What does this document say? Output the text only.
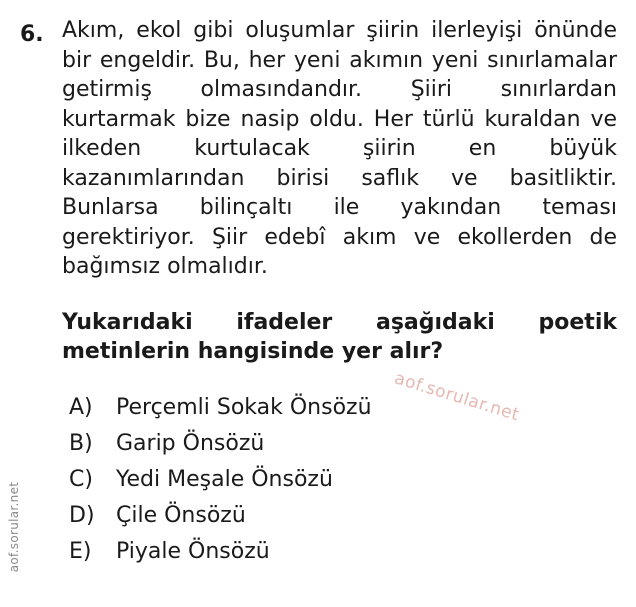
6. Akım, ekol gibi oluşumlar şiirin ilerleyişi önünde
bir engeldir. Bu, her yeni akımın yeni sınırlamalar
getirmiş olmasındandır. Şiiri sınırlardan
kurtarmak bize nasip oldu. Her türlü kuraldan ve
ilkeden kurtulacak şiirin en büyük
kazanımlarından birisi saflık ve basitliktir.
Bunlarsa bilinçaltı ile yakından teması
gerektiriyor. Şiir edebî akım ve ekollerden de
bağımsız olmalıdır.
Yukarıdaki ifadeler aşağıdaki poetik
metinlerin hangisinde yer alır?
A)	Perçemli Sokak Önsözü
B)	Garip Önsözü
C)	Yedi Meşale Önsözü
D) Çile Önsözü
E)	Piyale Önsözü
aof.sorular.net
aof.sorular.net
